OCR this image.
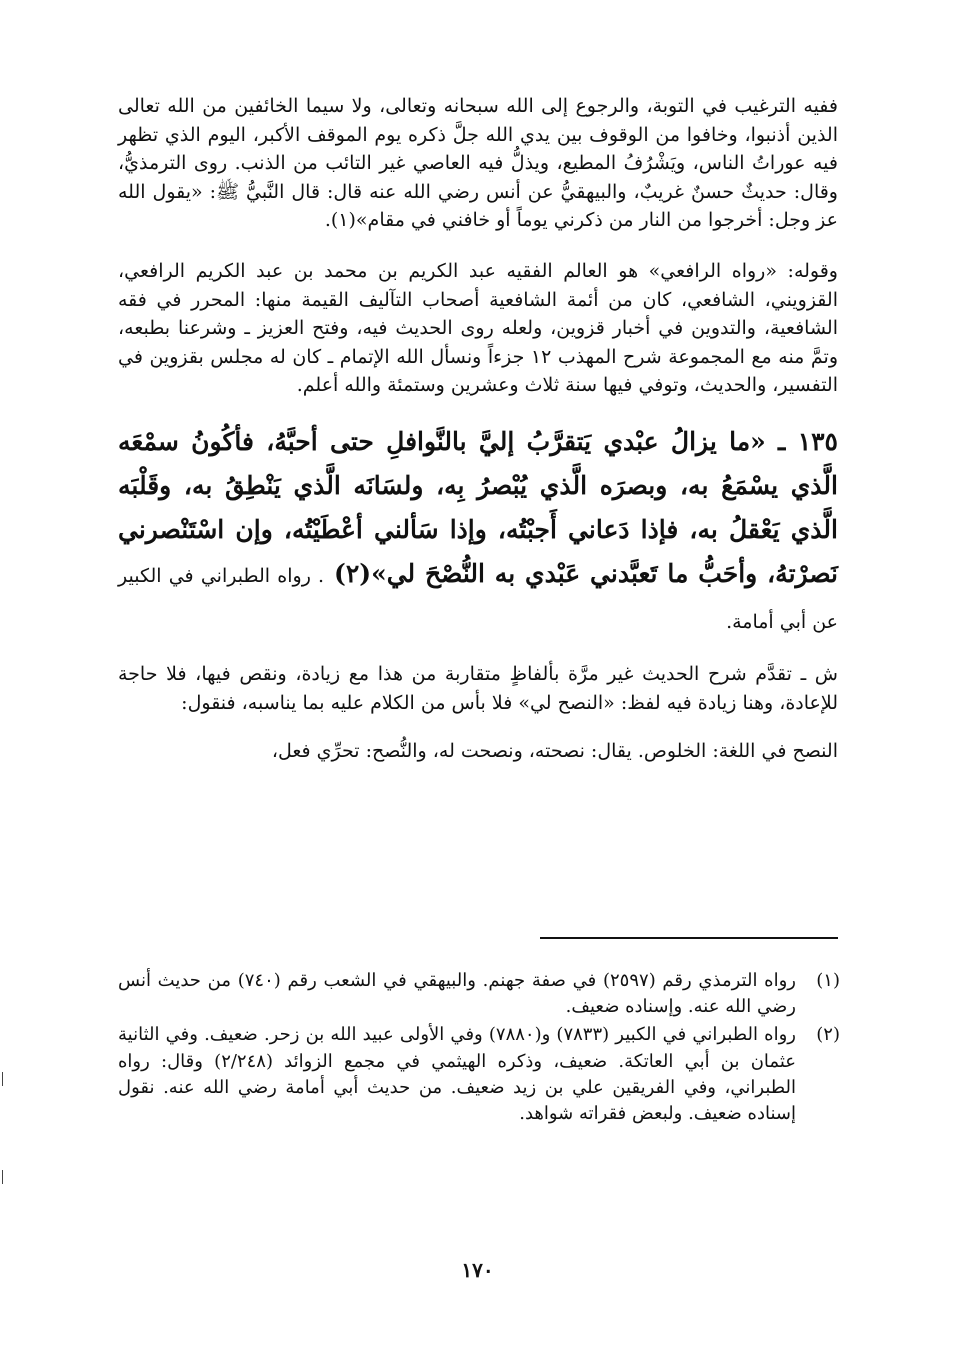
ففيه الترغيب في التوبة، والرجوع إلى الله سبحانه وتعالى، ولا سيما الخائفين من الله تعالى الذين أذنبوا، وخافوا من الوقوف بين يدي الله جلَّ ذكره يوم الموقف الأكبر، اليوم الذي تظهر فيه عوراتُ الناس، ويَشْرُفُ المطيع، ويذلُّ فيه العاصي غير التائب من الذنب. روى الترمذيُّ، وقال: حديثٌ حسنٌ غريبٌ، والبيهقيُّ عن أنس رضي الله عنه قال: قال النَّبيُّ ﷺ: «يقول الله عز وجل: أخرجوا من النار من ذكرني يوماً أو خافني في مقام»(١).

وقوله: «رواه الرافعي» هو العالم الفقيه عبد الكريم بن محمد بن عبد الكريم الرافعي، القزويني، الشافعي، كان من أئمة الشافعية أصحاب التآليف القيمة منها: المحرر في فقه الشافعية، والتدوين في أخبار قزوين، ولعله روى الحديث فيه، وفتح العزيز ـ وشرعنا بطبعه، وتمَّ منه مع المجموعة شرح المهذب ١٢ جزءاً ونسأل الله الإتمام ـ كان له مجلس بقزوين في التفسير، والحديث، وتوفي فيها سنة ثلاث وعشرين وستمئة والله أعلم.

١٣٥ ـ «ما يزالُ عبْدي يَتقرَّبُ إليَّ بالنَّوافلِ حتى أحبَّهُ، فأكُونُ سمْعَه الَّذي يسْمَعُ به، وبصرَه الَّذي يُبْصرُ بِه، ولسَانَه الَّذي يَنْطِقُ به، وقَلْبَه الَّذي يَعْقلُ به، فإذا دَعاني أَجبْتُه، وإذا سَألني أعْطَيْتُه، وإن اسْتَنْصرني نَصرْتهُ، وأحَبُّ ما تَعبَّدني عَبْدي به النُّصْحَ لي»(٢) . رواه الطبراني في الكبير عن أبي أمامة.

ش ـ تقدَّم شرح الحديث غير مرَّة بألفاظٍ متقاربة من هذا مع زيادة، ونقص فيها، فلا حاجة للإعادة، وهنا زيادة فيه لفظ: «النصح لي» فلا بأس من الكلام عليه بما يناسبه، فنقول:

النصح في اللغة: الخلوص. يقال: نصحته، ونصحت له، والنُّصح: تحرِّي فعل،

(١)
رواه الترمذي رقم (٢٥٩٧) في صفة جهنم. والبيهقي في الشعب رقم (٧٤٠) من حديث أنس رضي الله عنه. وإسناده ضعيف.
(٢)
رواه الطبراني في الكبير (٧٨٣٣) و(٧٨٨٠) وفي الأولى عبيد الله بن زحر. ضعيف. وفي الثانية عثمان بن أبي العاتكة. ضعيف، وذكره الهيثمي في مجمع الزوائد (٢/٢٤٨) وقال: رواه الطبراني، وفي الفريقين علي بن زيد ضعيف. من حديث أبي أمامة رضي الله عنه. نقول إسناده ضعيف. ولبعض فقراته شواهد.
١٧٠
